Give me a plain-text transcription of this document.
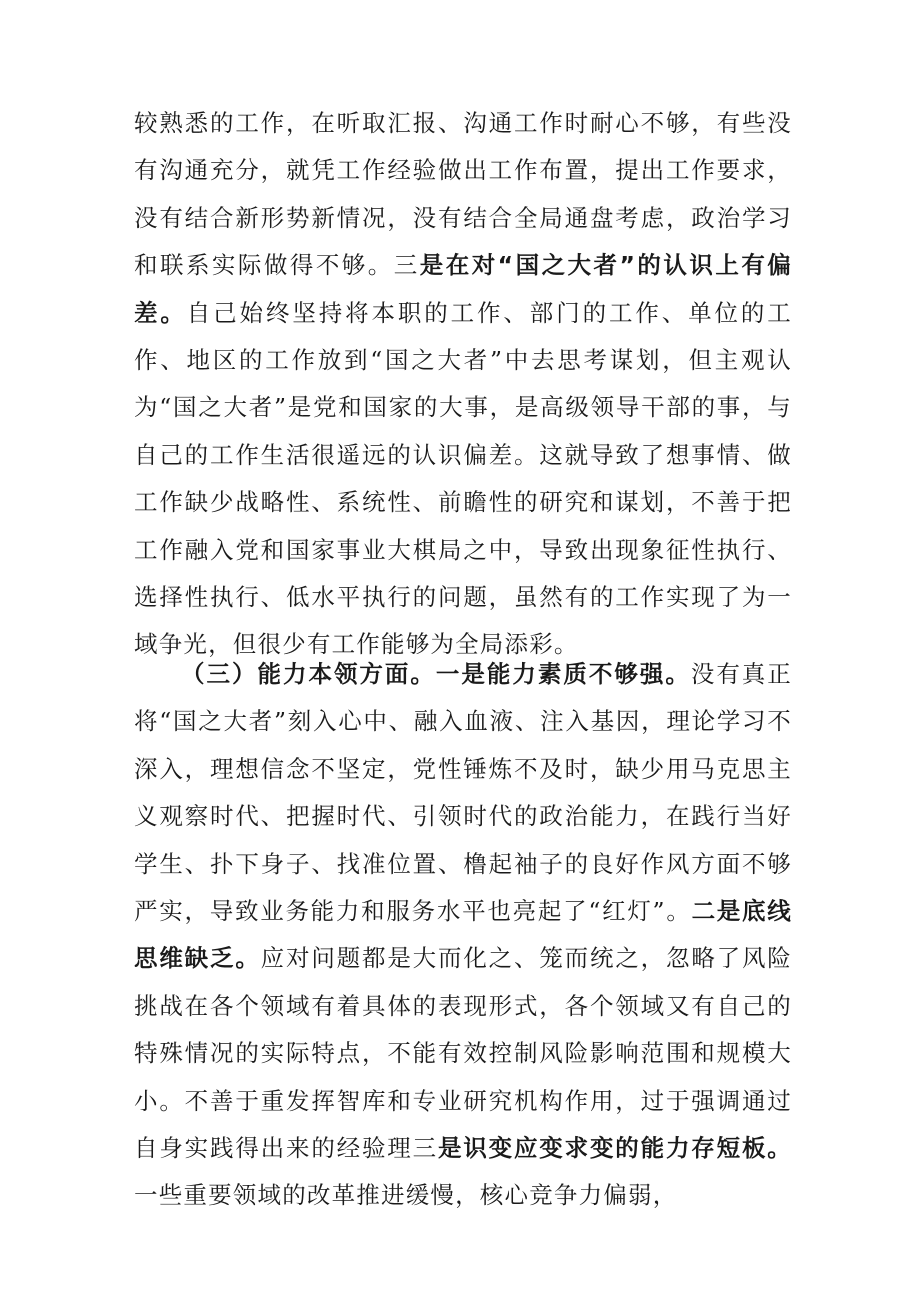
较熟悉的工作，在听取汇报、沟通工作时耐心不够，有些没有沟通充分，就凭工作经验做出工作布置，提出工作要求，没有结合新形势新情况，没有结合全局通盘考虑，政治学习和联系实际做得不够。三是在对“国之大者”的认识上有偏差。自己始终坚持将本职的工作、部门的工作、单位的工作、地区的工作放到“国之大者”中去思考谋划，但主观认为“国之大者”是党和国家的大事，是高级领导干部的事，与自己的工作生活很遥远的认识偏差。这就导致了想事情、做工作缺少战略性、系统性、前瞻性的研究和谋划，不善于把工作融入党和国家事业大棋局之中，导致出现象征性执行、选择性执行、低水平执行的问题，虽然有的工作实现了为一域争光，但很少有工作能够为全局添彩。

（三）能力本领方面。一是能力素质不够强。没有真正将“国之大者”刻入心中、融入血液、注入基因，理论学习不深入，理想信念不坚定，党性锤炼不及时，缺少用马克思主义观察时代、把握时代、引领时代的政治能力，在践行当好学生、扑下身子、找准位置、橹起袖子的良好作风方面不够严实，导致业务能力和服务水平也亮起了“红灯”。二是底线思维缺乏。应对问题都是大而化之、笼而统之，忽略了风险挑战在各个领域有着具体的表现形式，各个领域又有自己的特殊情况的实际特点，不能有效控制风险影响范围和规模大小。不善于重发挥智库和专业研究机构作用，过于强调通过自身实践得出来的经验理三是识变应变求变的能力存短板。一些重要领域的改革推进缓慢，核心竞争力偏弱，
